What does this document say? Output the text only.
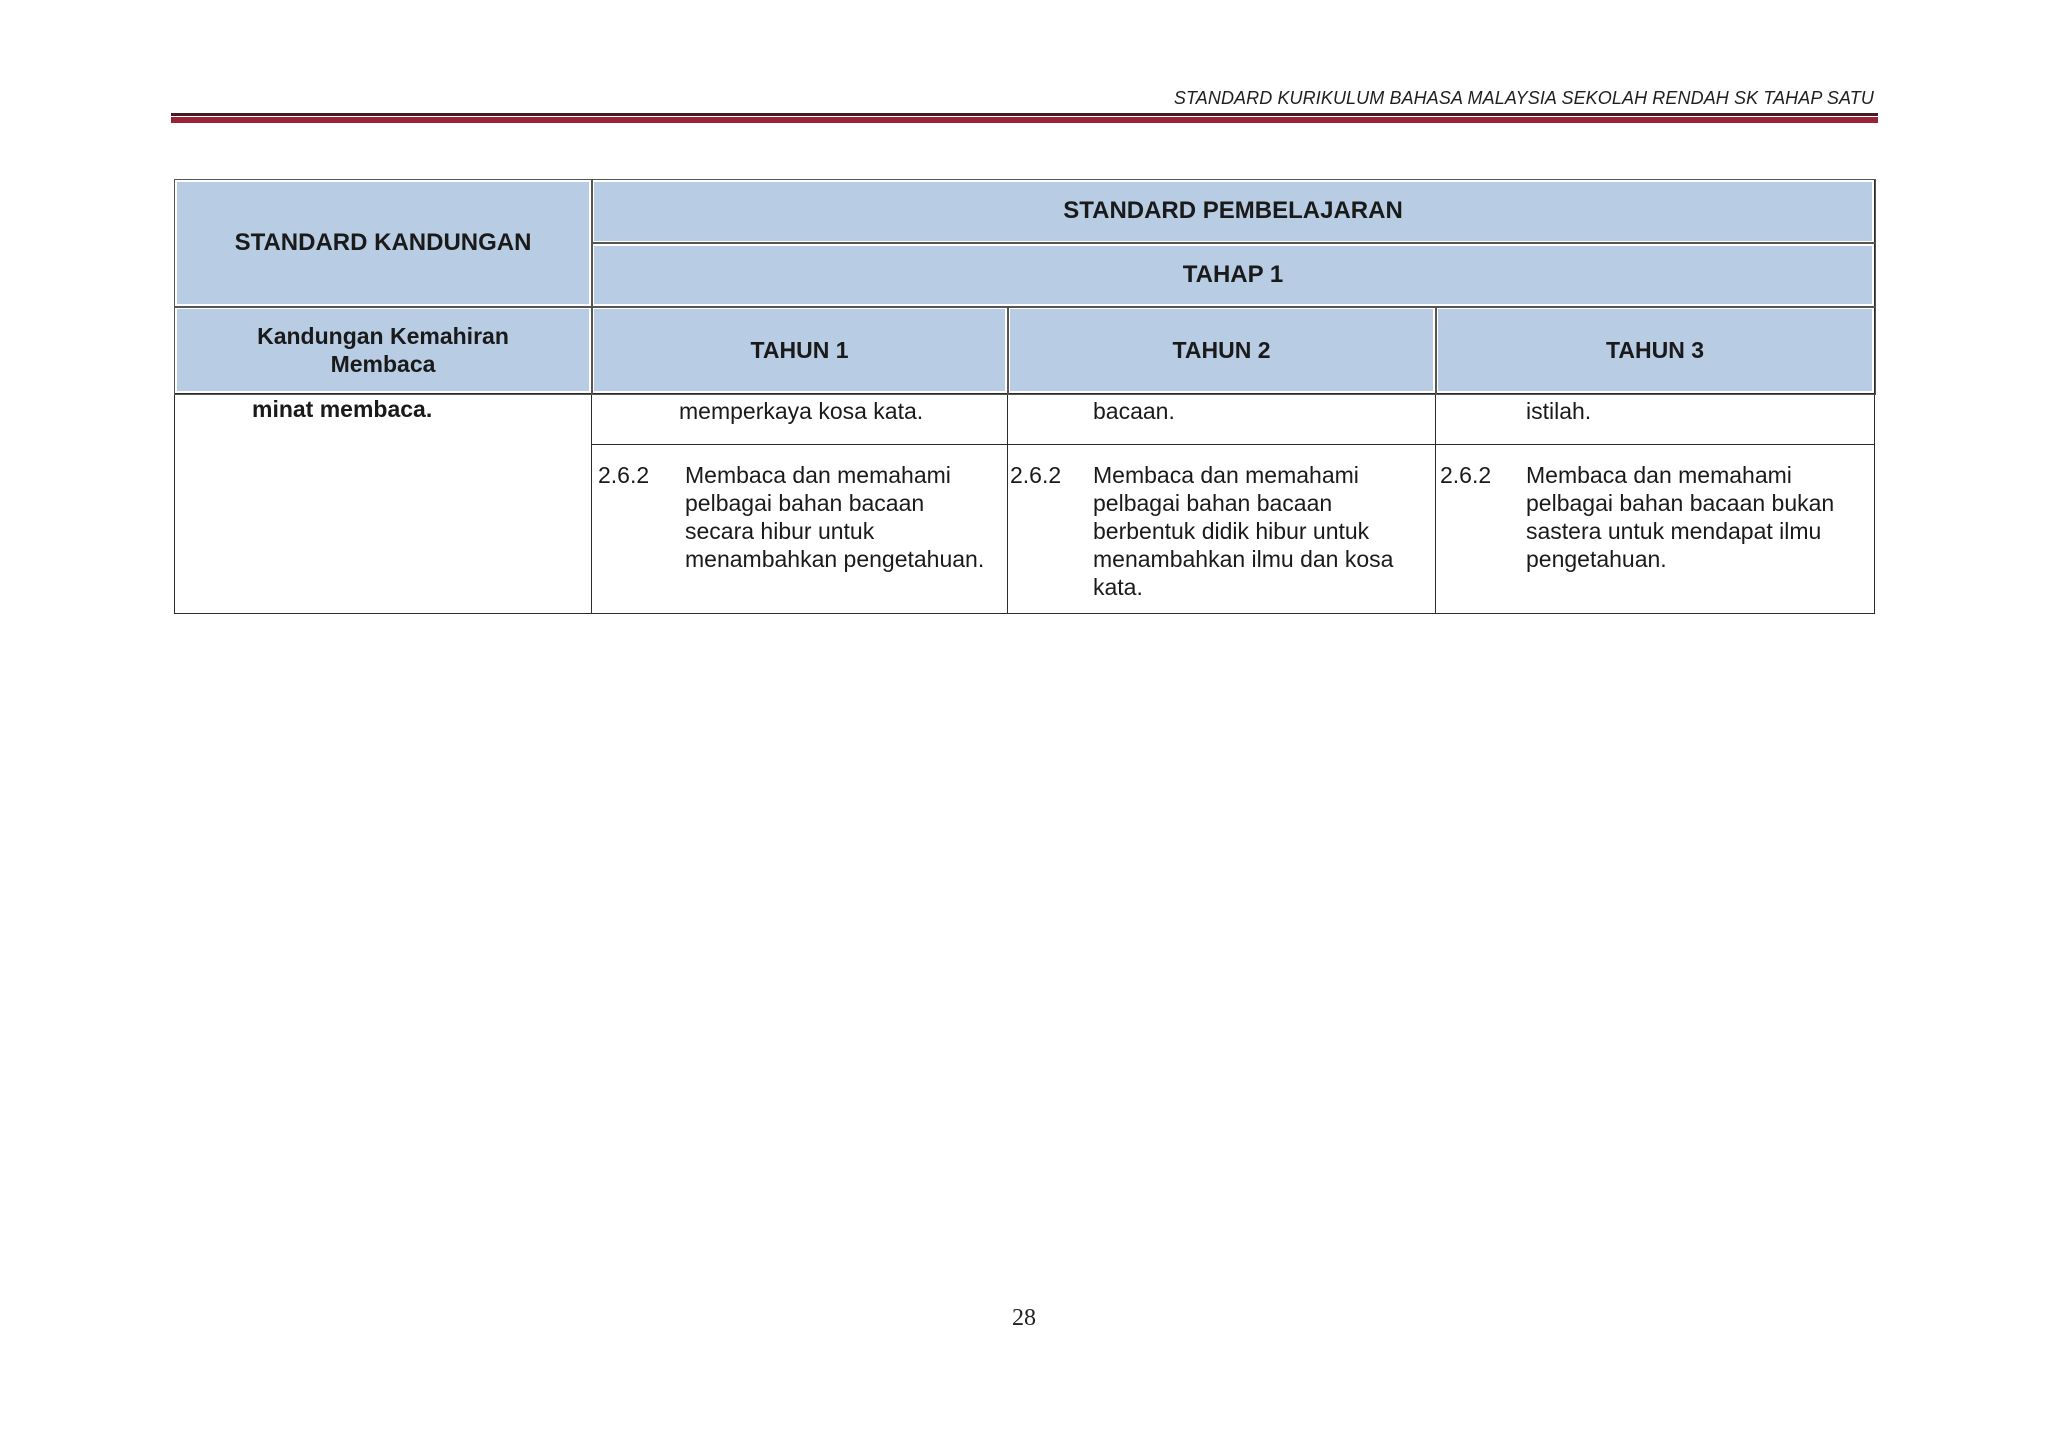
STANDARD KURIKULUM BAHASA MALAYSIA SEKOLAH RENDAH SK TAHAP SATU
STANDARD KANDUNGAN	STANDARD PEMBELAJARAN		
	TAHAP 1		

Kandungan Kemahiran Membaca	TAHUN 1	TAHUN 2	TAHUN 3

minat membaca.	memperkaya kosa kata.	bacaan.	istilah.

	2.6.2 Membaca dan memahami pelbagai bahan bacaan secara hibur untuk menambahkan pengetahuan.	2.6.2 Membaca dan memahami pelbagai bahan bacaan berbentuk didik hibur untuk menambahkan ilmu dan kosa kata.	2.6.2 Membaca dan memahami pelbagai bahan bacaan bukan sastera untuk mendapat ilmu pengetahuan.
28
